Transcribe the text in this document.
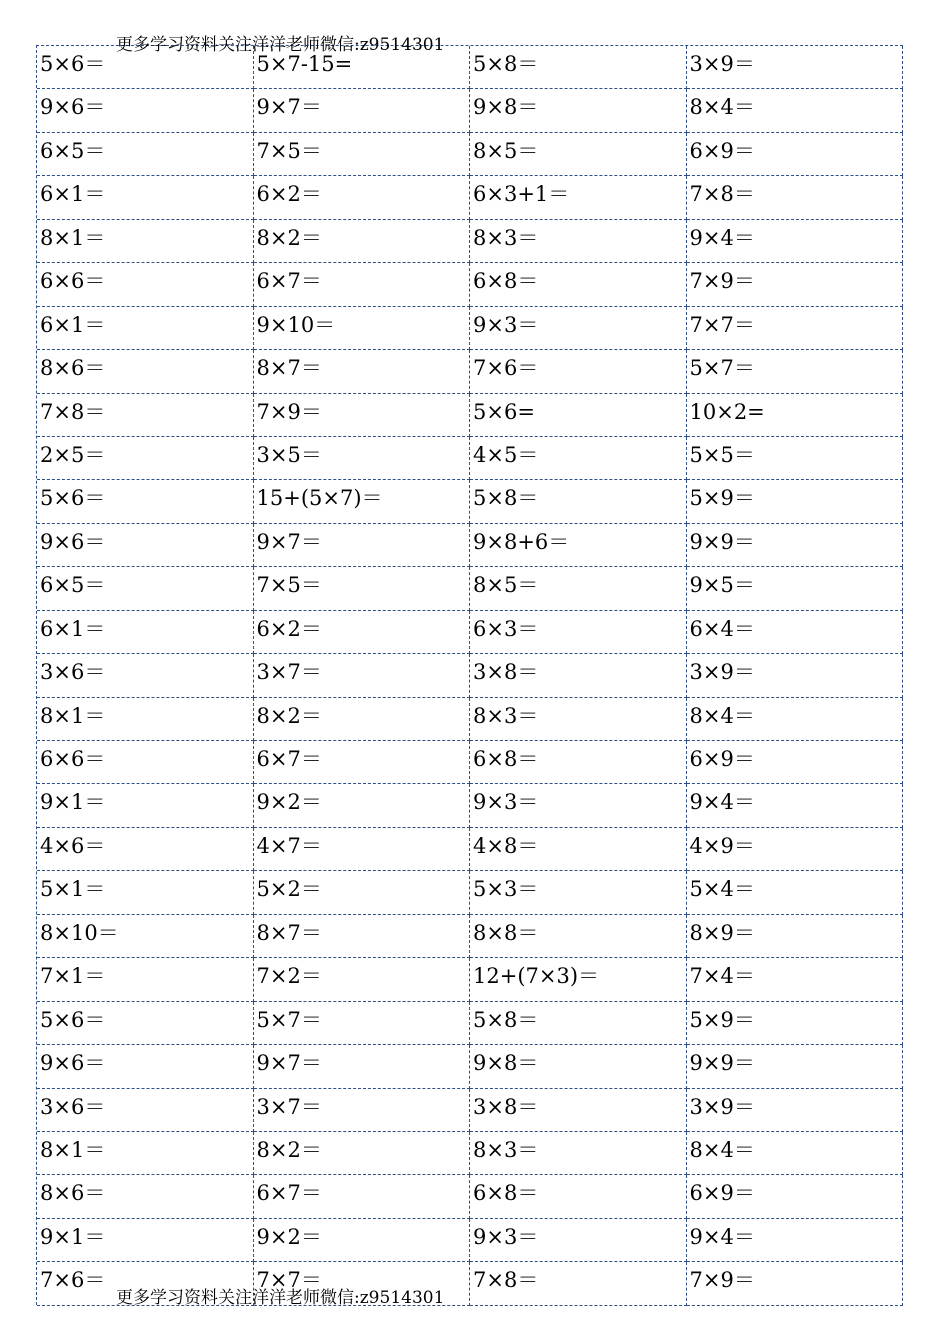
更多学习资料关注洋洋老师微信:z9514301
5×6＝	5×7-15=	5×8＝	3×9＝
9×6＝	9×7＝	9×8＝	8×4＝
6×5＝	7×5＝	8×5＝	6×9＝
6×1＝	6×2＝	6×3+1＝	7×8＝
8×1＝	8×2＝	8×3＝	9×4＝
6×6＝	6×7＝	6×8＝	7×9＝
6×1＝	9×10＝	9×3＝	7×7＝
8×6＝	8×7＝	7×6＝	5×7＝
7×8＝	7×9＝	5×6=	10×2=
2×5＝	3×5＝	4×5＝	5×5＝
5×6＝	15+(5×7)＝	5×8＝	5×9＝
9×6＝	9×7＝	9×8+6＝	9×9＝
6×5＝	7×5＝	8×5＝	9×5＝
6×1＝	6×2＝	6×3＝	6×4＝
3×6＝	3×7＝	3×8＝	3×9＝
8×1＝	8×2＝	8×3＝	8×4＝
6×6＝	6×7＝	6×8＝	6×9＝
9×1＝	9×2＝	9×3＝	9×4＝
4×6＝	4×7＝	4×8＝	4×9＝
5×1＝	5×2＝	5×3＝	5×4＝
8×10＝	8×7＝	8×8＝	8×9＝
7×1＝	7×2＝	12+(7×3)＝	7×4＝
5×6＝	5×7＝	5×8＝	5×9＝
9×6＝	9×7＝	9×8＝	9×9＝
3×6＝	3×7＝	3×8＝	3×9＝
8×1＝	8×2＝	8×3＝	8×4＝
8×6＝	6×7＝	6×8＝	6×9＝
9×1＝	9×2＝	9×3＝	9×4＝
7×6＝	7×7＝	7×8＝	7×9＝
更多学习资料关注洋洋老师微信:z9514301
